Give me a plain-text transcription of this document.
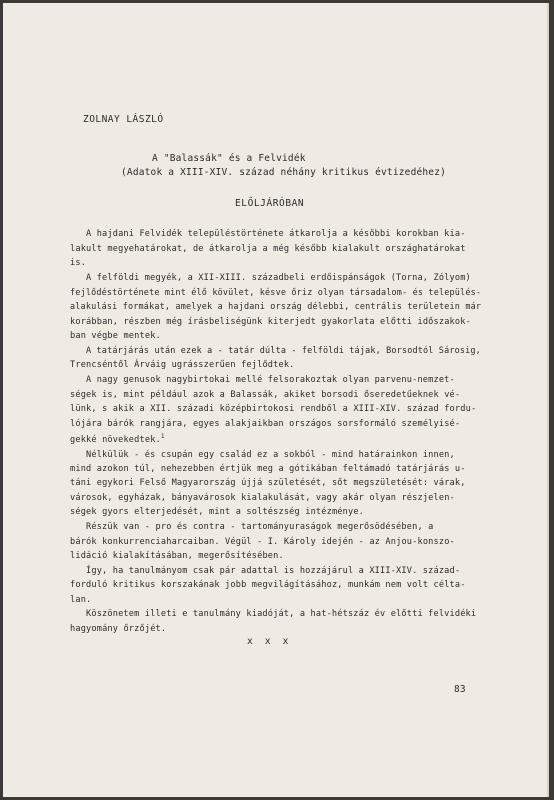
ZOLNAY LÁSZLÓ
A "Balassák" és a Felvidék
(Adatok a XIII-XIV. század néhány kritikus évtizedéhez)
ELŐLJÁRÓBAN
A hajdani Felvidék településtörténete átkarolja a későbbi korokban kia-
lakult megyehatárokat, de átkarolja a még később kialakult országhatárokat
is.
A felföldi megyék, a XII-XIII. századbeli erdőispánságok (Torna, Zólyom)
fejlődéstörténete mint élő kövület, késve őriz olyan társadalom- és település-
alakulási formákat, amelyek a hajdani ország délebbi, centrális területein már
korábban, részben még írásbeliségünk kiterjedt gyakorlata előtti időszakok-
ban végbe mentek.
A tatárjárás után ezek a - tatár dúlta - felföldi tájak, Borsodtól Sárosig,
Trencséntől Árváig ugrásszerűen fejlődtek.
A nagy genusok nagybirtokai mellé felsorakoztak olyan parvenu-nemzet-
ségek is, mint például azok a Balassák, akiket borsodi őseredetűeknek vé-
lünk, s akik a XII. századi középbirtokosi rendből a XIII-XIV. század fordu-
lójára bárók rangjára, egyes alakjaikban országos sorsformáló személyisé-
gekké növekedtek.$^1$
Nélkülük - és csupán egy család ez a sokból - mind határainkon innen,
mind azokon túl, nehezebben értjük meg a gótikában feltámadó tatárjárás u-
táni egykori Felső Magyarország újjá születését, sőt megszületését: várak,
városok, egyházak, bányavárosok kialakulását, vagy akár olyan részjelen-
ségek gyors elterjedését, mint a soltészség intézménye.
Részük van - pro és contra - tartományuraságok megerősödésében, a
bárók konkurrenciaharcaiban. Végül - I. Károly idején - az Anjou-konszo-
lidáció kialakításában, megerősítésében.
Így, ha tanulmányom csak pár adattal is hozzájárul a XIII-XIV. század-
forduló kritikus korszakának jobb megvilágításához, munkám nem volt célta-
lan.
Köszönetem illeti e tanulmány kiadóját, a hat-hétszáz év előtti felvidéki
hagyomány őrzőjét.
x x x
83
